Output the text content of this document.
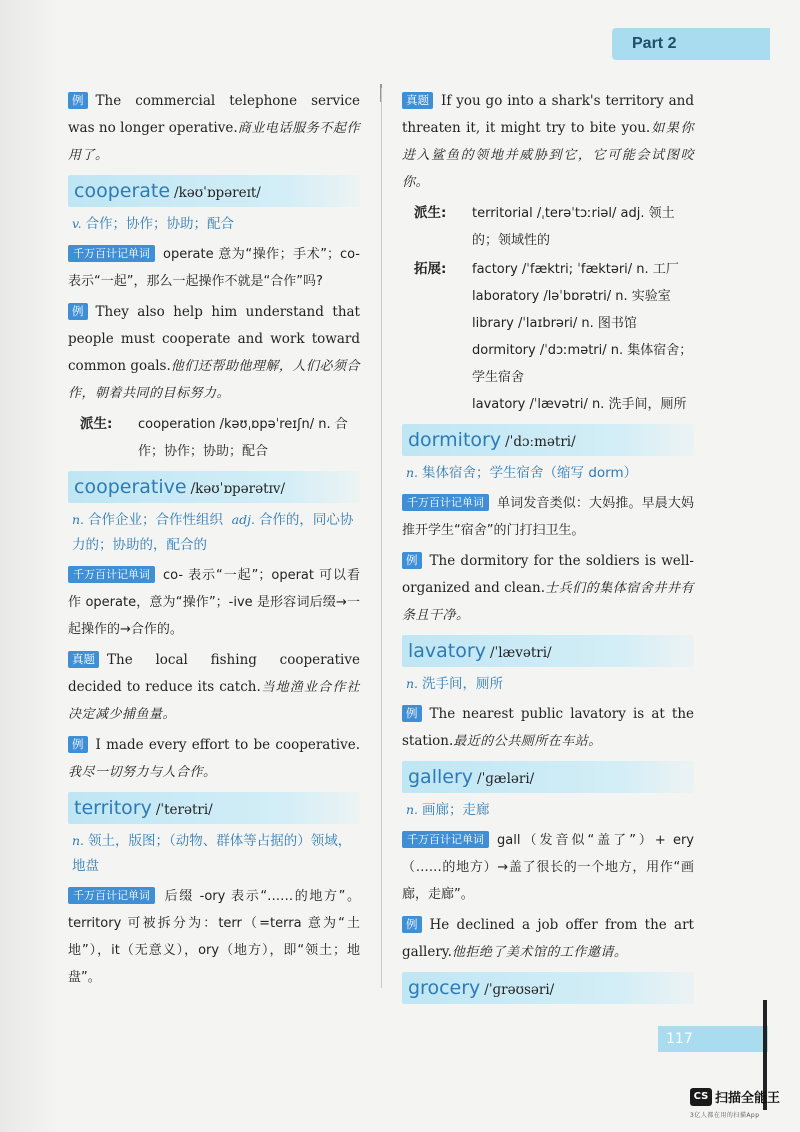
Part 2
例 The commercial telephone service was no longer operative.商业电话服务不起作用了。
cooperate /kəʊˈɒpəreɪt/
v. 合作；协作；协助；配合
千万百计记单词 operate 意为“操作；手术”；co- 表示“一起”，那么一起操作不就是“合作”吗?
例 They also help him understand that people must cooperate and work toward common goals.他们还帮助他理解，人们必须合作，朝着共同的目标努力。
派生:	cooperation /kəʊˌɒpəˈreɪʃn/ n. 合作；协作；协助；配合
cooperative /kəʊˈɒpərətɪv/
n. 合作企业；合作性组织 adj. 合作的，同心协力的；协助的，配合的
千万百计记单词 co- 表示“一起”；operat 可以看作 operate，意为“操作”；-ive 是形容词后缀→一起操作的→合作的。
真题 The local fishing cooperative decided to reduce its catch.当地渔业合作社决定减少捕鱼量。
例 I made every effort to be cooperative.我尽一切努力与人合作。
territory /ˈterətri/
n. 领土，版图；（动物、群体等占据的）领域，地盘
千万百计记单词 后缀 -ory 表示“……的地方”。territory 可被拆分为：terr（=terra 意为“土地”），it（无意义），ory（地方），即“领土；地盘”。
真题 If you go into a shark's territory and threaten it, it might try to bite you.如果你进入鲨鱼的领地并威胁到它，它可能会试图咬你。
派生:	territorial /ˌterəˈtɔːriəl/ adj. 领土的；领域性的
拓展:	factory /ˈfæktri; ˈfæktəri/ n. 工厂
laboratory /ləˈbɒrətri/ n. 实验室
library /ˈlaɪbrəri/ n. 图书馆
dormitory /ˈdɔːmətri/ n. 集体宿舍；学生宿舍
lavatory /ˈlævətri/ n. 洗手间，厕所
dormitory /ˈdɔːmətri/
n. 集体宿舍；学生宿舍（缩写 dorm）
千万百计记单词 单词发音类似：大妈推。早晨大妈推开学生“宿舍”的门打扫卫生。
例 The dormitory for the soldiers is well-organized and clean.士兵们的集体宿舍井井有条且干净。
lavatory /ˈlævətri/
n. 洗手间，厕所
例 The nearest public lavatory is at the station.最近的公共厕所在车站。
gallery /ˈɡæləri/
n. 画廊；走廊
千万百计记单词 gall（发音似“盖了”）+ ery（……的地方）→盖了很长的一个地方，用作“画廊，走廊”。
例 He declined a job offer from the art gallery.他拒绝了美术馆的工作邀请。
grocery /ˈɡrəʊsəri/
117
CS 扫描全能王
3亿人都在用的扫描App
